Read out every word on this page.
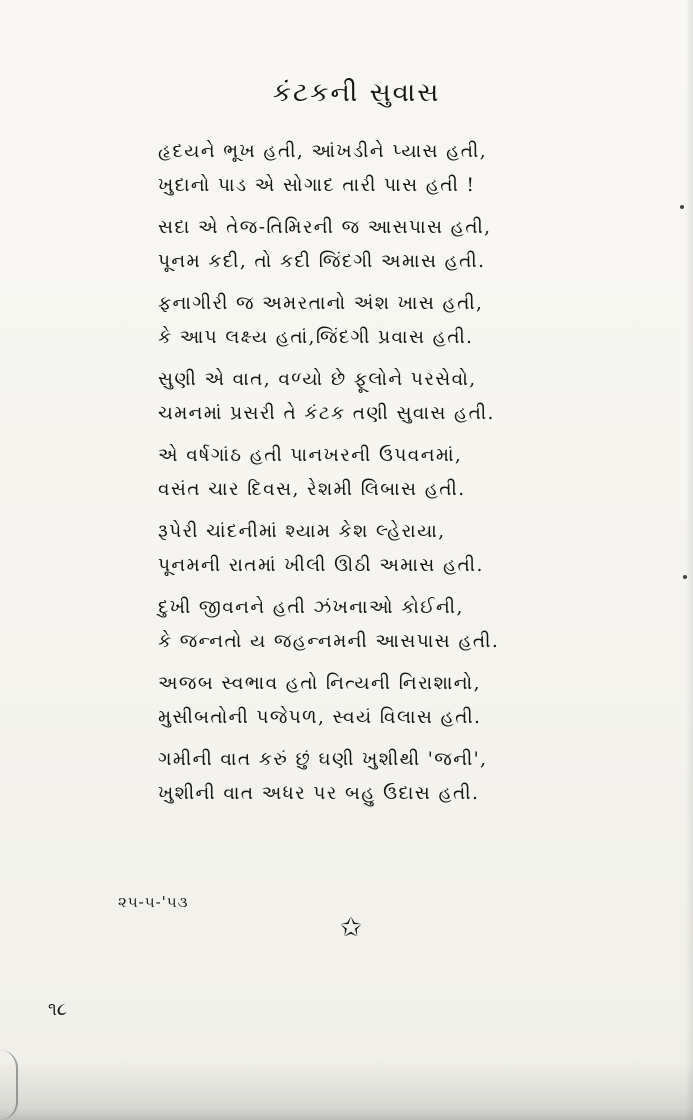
કંટકની સુવાસ
હૃદયને ભૂખ હતી, આંખડીને પ્યાસ હતી,
ખુદાનો પાડ એ સોગાદ તારી પાસ હતી !
સદા એ તેજ-તિમિરની જ આસપાસ હતી,
પૂનમ કદી, તો કદી જિંદગી અમાસ હતી.
ફનાગીરી જ અમરતાનો અંશ ખાસ હતી,
કે આપ લક્ષ્ય હતાં,જિંદગી પ્રવાસ હતી.
સુણી એ વાત, વળ્યો છે ફૂલોને પરસેવો,
ચમનમાં પ્રસરી તે કંટક તણી સુવાસ હતી.
એ વર્ષગાંઠ હતી પાનખરની ઉપવનમાં,
વસંત ચાર દિવસ, રેશમી લિબાસ હતી.
રૂપેરી ચાંદનીમાં શ્યામ કેશ લ્હેરાયા,
પૂનમની રાતમાં ખીલી ઊઠી અમાસ હતી.
દુખી જીવનને હતી ઝંખનાઓ કોઈની,
કે જન્નતો ય જહન્નમની આસપાસ હતી.
અજબ સ્વભાવ હતો નિત્યની નિરાશાનો,
મુસીબતોની પજેપળ, સ્વયં વિલાસ હતી.
ગમીની વાત કરું છું ઘણી ખુશીથી 'જની',
ખુશીની વાત અધર પર બહુ ઉદાસ હતી.
૨૫-૫-'૫૩
✩
૧૮
